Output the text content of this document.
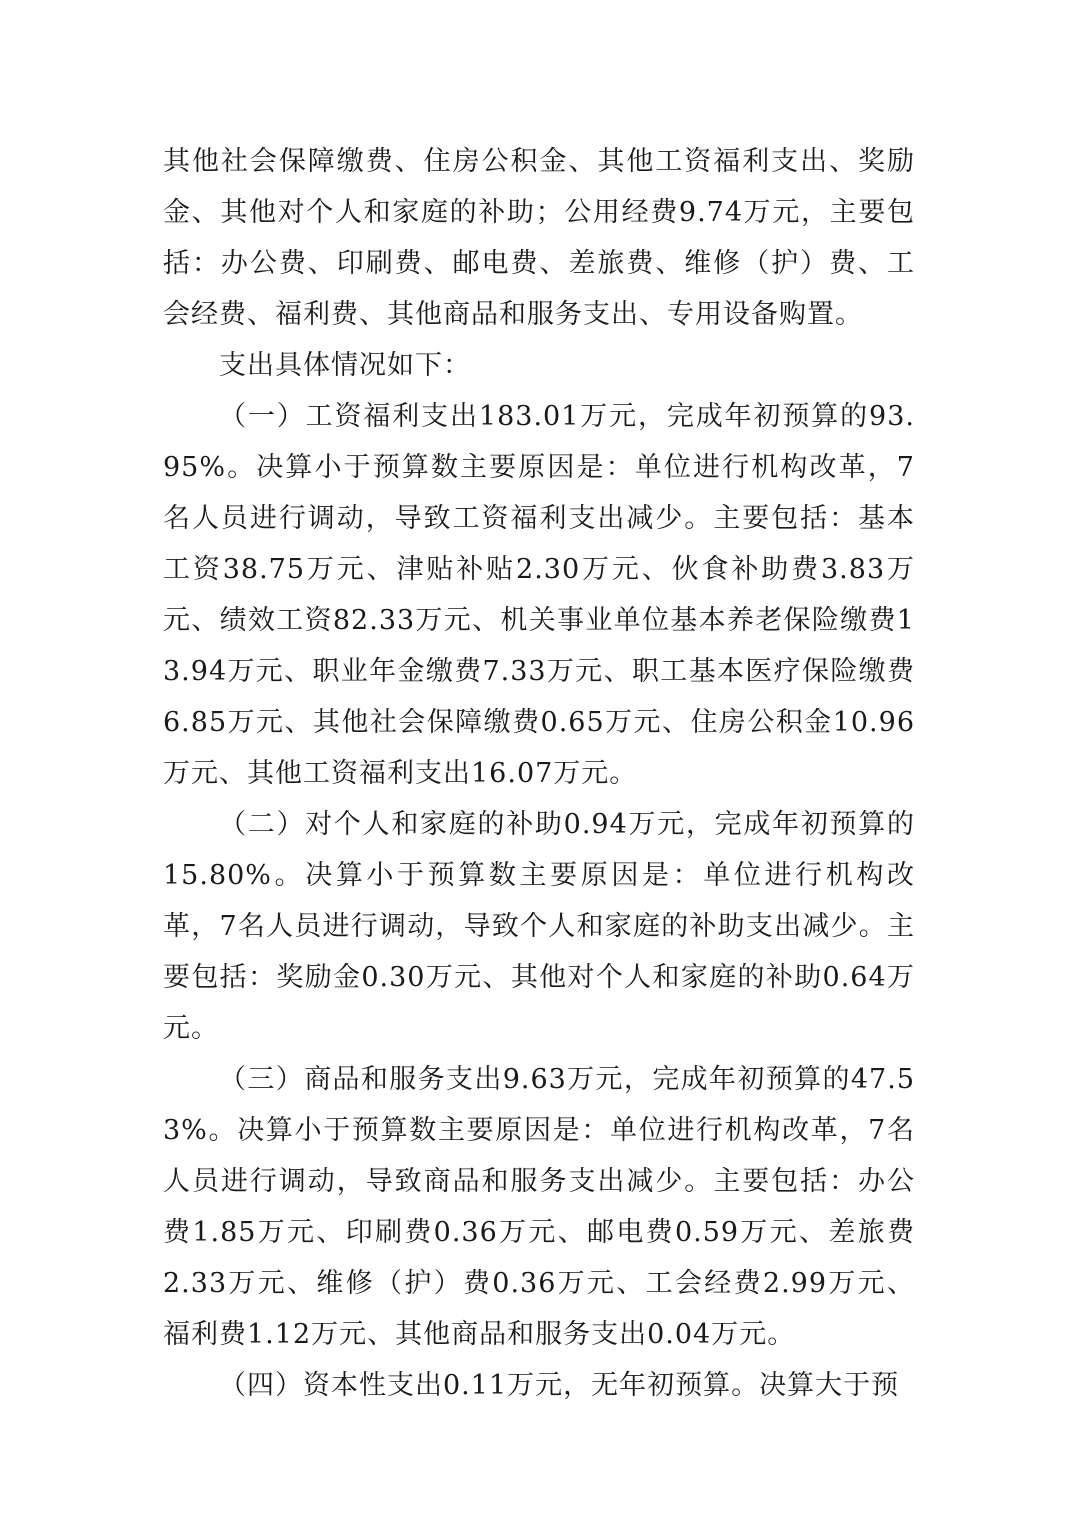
其他社会保障缴费、住房公积金、其他工资福利支出、奖励金、其他对个人和家庭的补助；公用经费9.74万元，主要包括：办公费、印刷费、邮电费、差旅费、维修（护）费、工会经费、福利费、其他商品和服务支出、专用设备购置。

支出具体情况如下：

（一）工资福利支出183.01万元，完成年初预算的93.95%。决算小于预算数主要原因是：单位进行机构改革，7名人员进行调动，导致工资福利支出减少。主要包括：基本工资38.75万元、津贴补贴2.30万元、伙食补助费3.83万元、绩效工资82.33万元、机关事业单位基本养老保险缴费13.94万元、职业年金缴费7.33万元、职工基本医疗保险缴费6.85万元、其他社会保障缴费0.65万元、住房公积金10.96万元、其他工资福利支出16.07万元。

（二）对个人和家庭的补助0.94万元，完成年初预算的15.80%。决算小于预算数主要原因是：单位进行机构改革，7名人员进行调动，导致个人和家庭的补助支出减少。主要包括：奖励金0.30万元、其他对个人和家庭的补助0.64万元。

（三）商品和服务支出9.63万元，完成年初预算的47.53%。决算小于预算数主要原因是：单位进行机构改革，7名人员进行调动，导致商品和服务支出减少。主要包括：办公费1.85万元、印刷费0.36万元、邮电费0.59万元、差旅费2.33万元、维修（护）费0.36万元、工会经费2.99万元、福利费1.12万元、其他商品和服务支出0.04万元。

（四）资本性支出0.11万元，无年初预算。决算大于预
